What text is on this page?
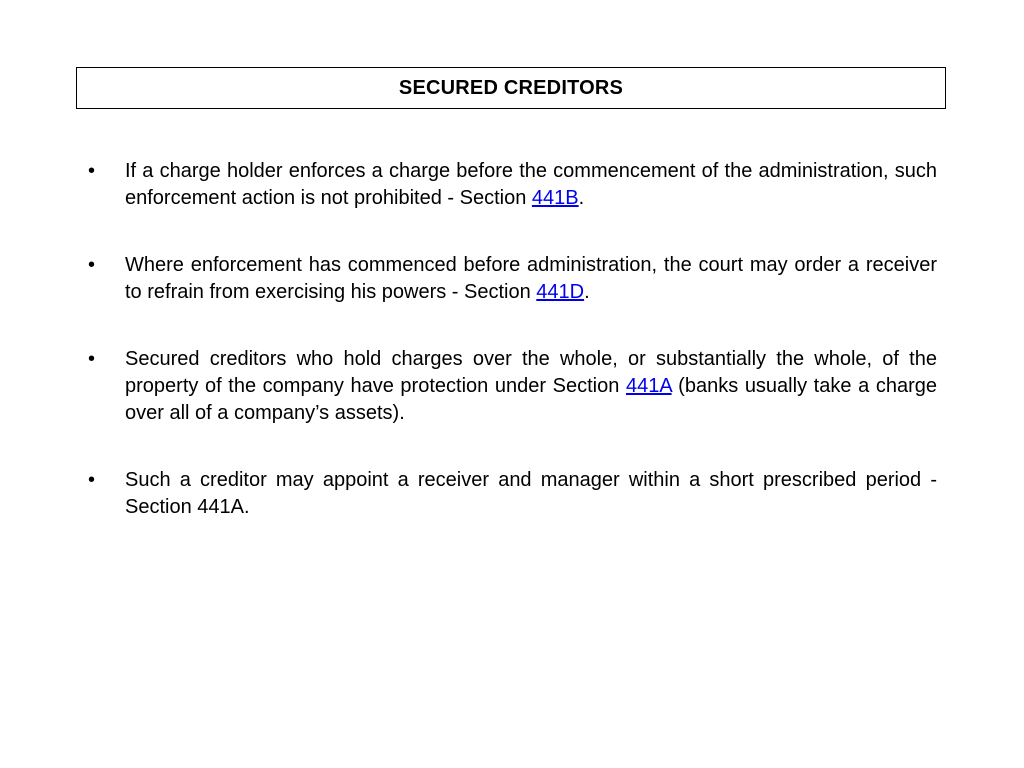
SECURED CREDITORS
• If a charge holder enforces a charge before the commencement of the administration, such enforcement action is not prohibited - Section 441B.
• Where enforcement has commenced before administration, the court may order a receiver to refrain from exercising his powers - Section 441D.
• Secured creditors who hold charges over the whole, or substantially the whole, of the property of the company have protection under Section 441A (banks usually take a charge over all of a company’s assets).
• Such a creditor may appoint a receiver and manager within a short prescribed period - Section 441A.
